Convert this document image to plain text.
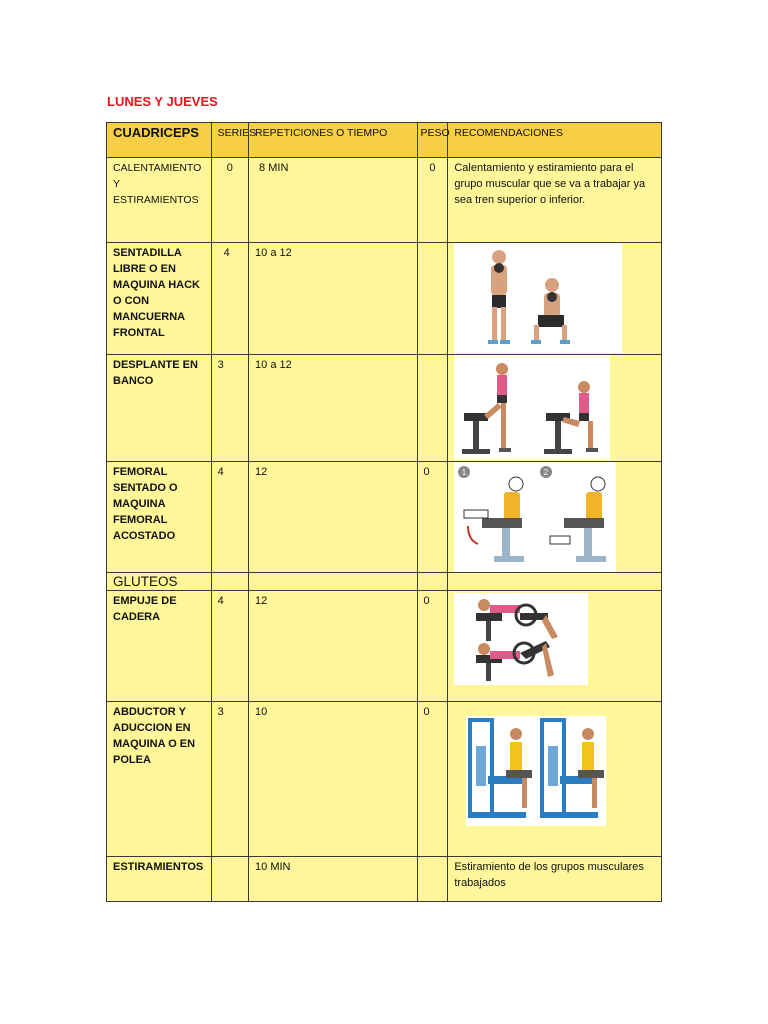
LUNES Y JUEVES
CUADRICEPS	SERIES	REPETICIONES O TIEMPO	PESO	RECOMENDACIONES
CALENTAMIENTO Y ESTIRAMIENTOS	0	8 MIN	0	Calentamiento y estiramiento para el grupo muscular que se va a trabajar ya sea tren superior o inferior.
SENTADILLA LIBRE O EN MAQUINA HACK O CON MANCUERNA FRONTAL	4	10 a 12		

DESPLANTE EN BANCO	3	10 a 12		

FEMORAL SENTADO O MAQUINA FEMORAL ACOSTADO	4	12	0	1 2

GLUTEOS				
EMPUJE DE CADERA	4	12	0	

ABDUCTOR Y ADUCCION EN MAQUINA O EN POLEA	3	10	0	

ESTIRAMIENTOS		10 MIN		Estiramiento de los grupos musculares trabajados
